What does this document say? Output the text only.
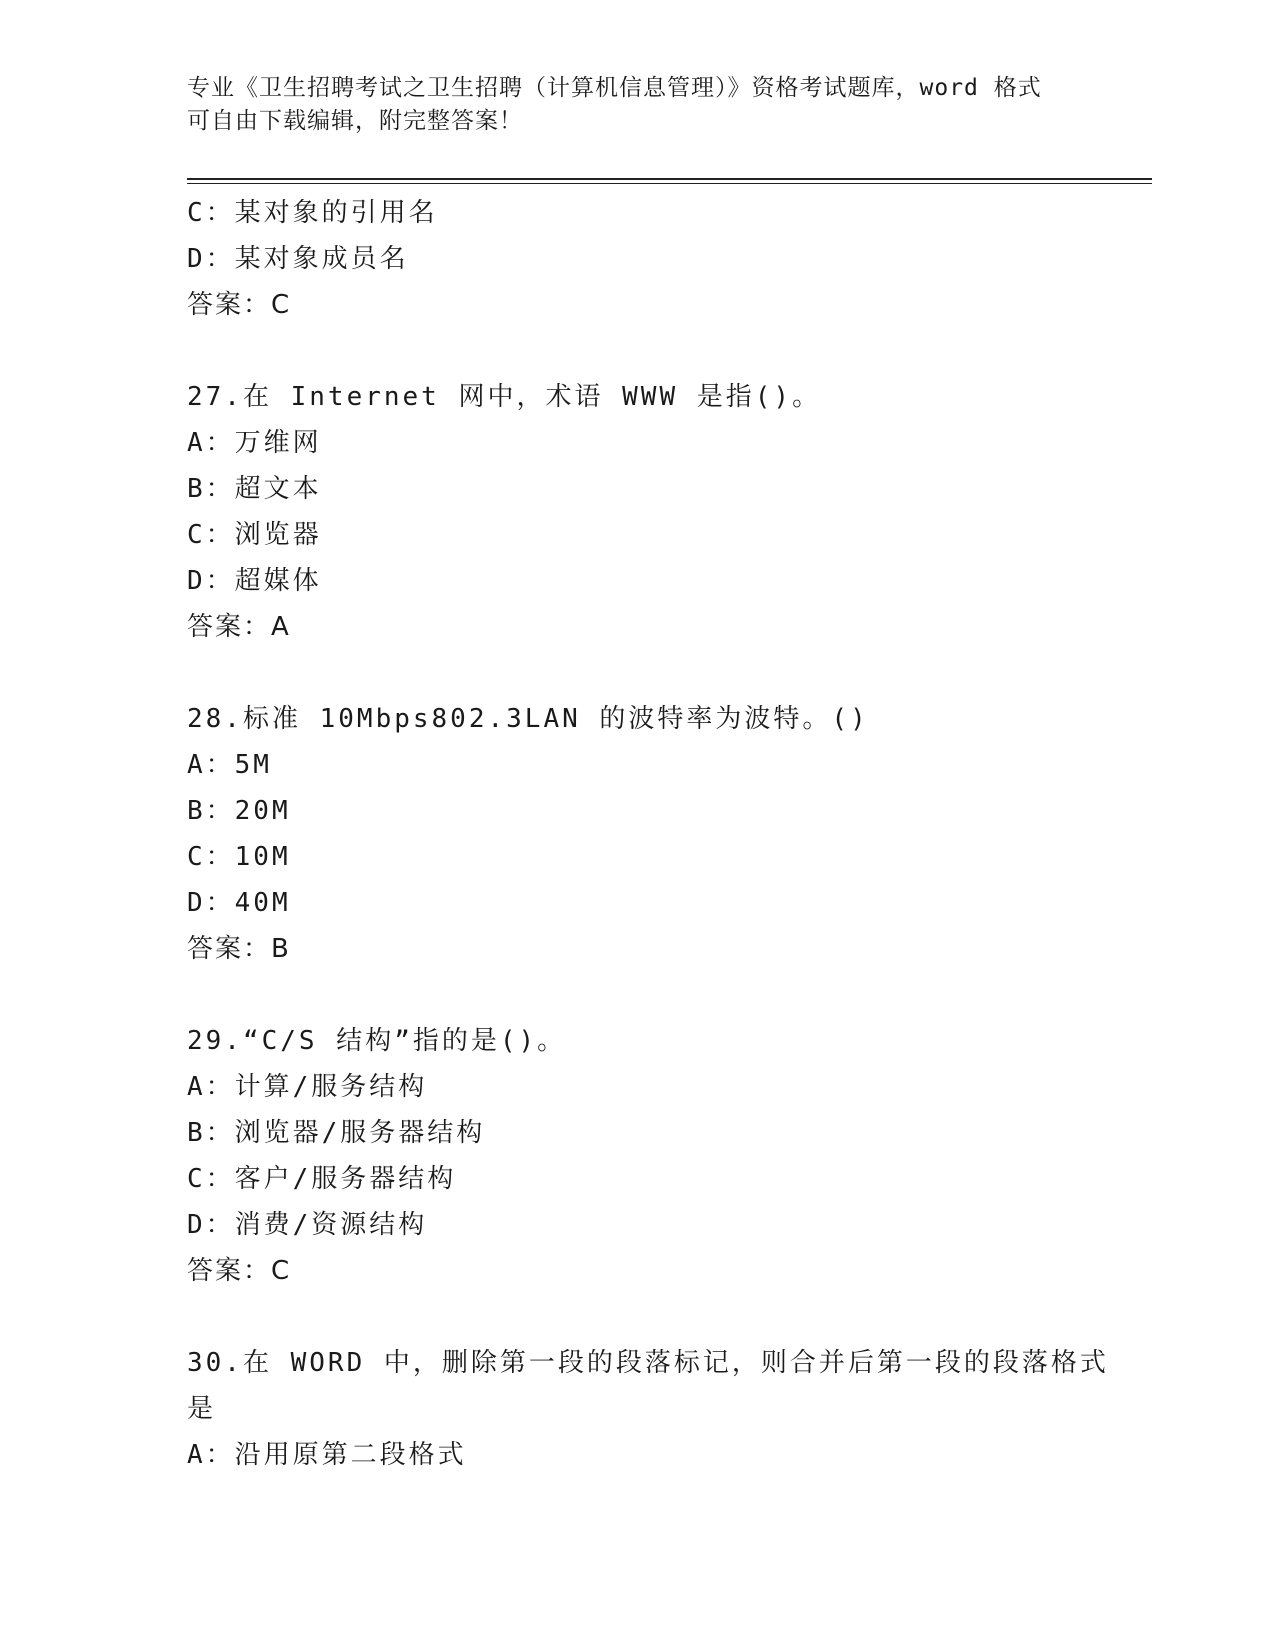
专业《卫生招聘考试之卫生招聘（计算机信息管理）》资格考试题库，word 格式
可自由下载编辑，附完整答案！
C：某对象的引用名
D：某对象成员名
答案：C
27.在 Internet 网中，术语 WWW 是指()。
A：万维网
B：超文本
C：浏览器
D：超媒体
答案：A
28.标准 10Mbps802.3LAN 的波特率为波特。()
A：5M
B：20M
C：10M
D：40M
答案：B
29.“C/S 结构”指的是()。
A：计算/服务结构
B：浏览器/服务器结构
C：客户/服务器结构
D：消费/资源结构
答案：C
30.在 WORD 中，删除第一段的段落标记，则合并后第一段的段落格式
是
A：沿用原第二段格式
